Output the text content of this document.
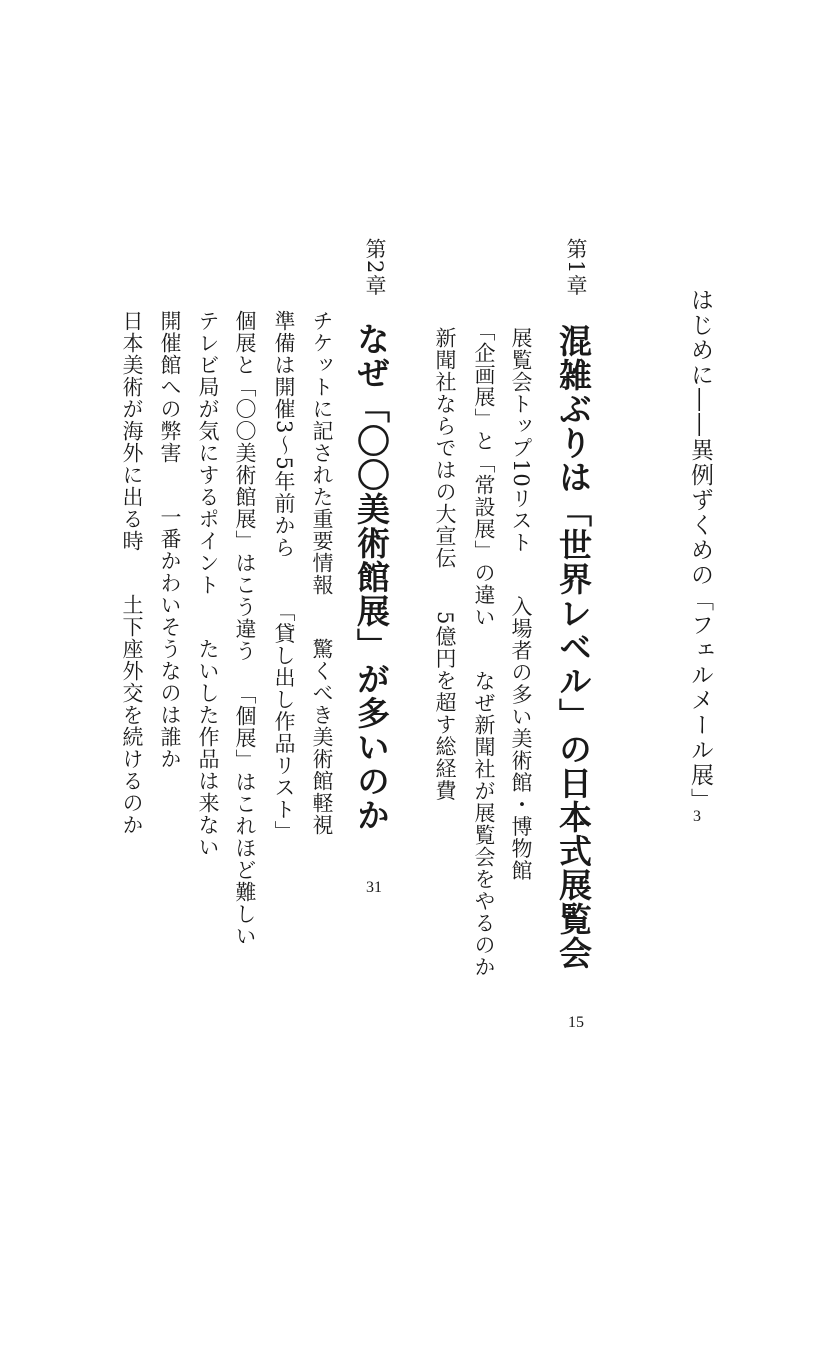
はじめに――異例ずくめの「フェルメール展」
3
第1章
混雑ぶりは「世界レベル」の日本式展覧会
15
展覧会トップ10リスト入場者の多い美術館・博物館
「企画展」と「常設展」の違いなぜ新聞社が展覧会をやるのか
新聞社ならではの大宣伝5億円を超す総経費
第2章
なぜ「〇〇美術館展」が多いのか
31
チケットに記された重要情報驚くべき美術館軽視
準備は開催3～5年前から「貸し出し作品リスト」
個展と「〇〇美術館展」はこう違う「個展」はこれほど難しい
テレビ局が気にするポイントたいした作品は来ない
開催館への弊害一番かわいそうなのは誰か
日本美術が海外に出る時土下座外交を続けるのか
